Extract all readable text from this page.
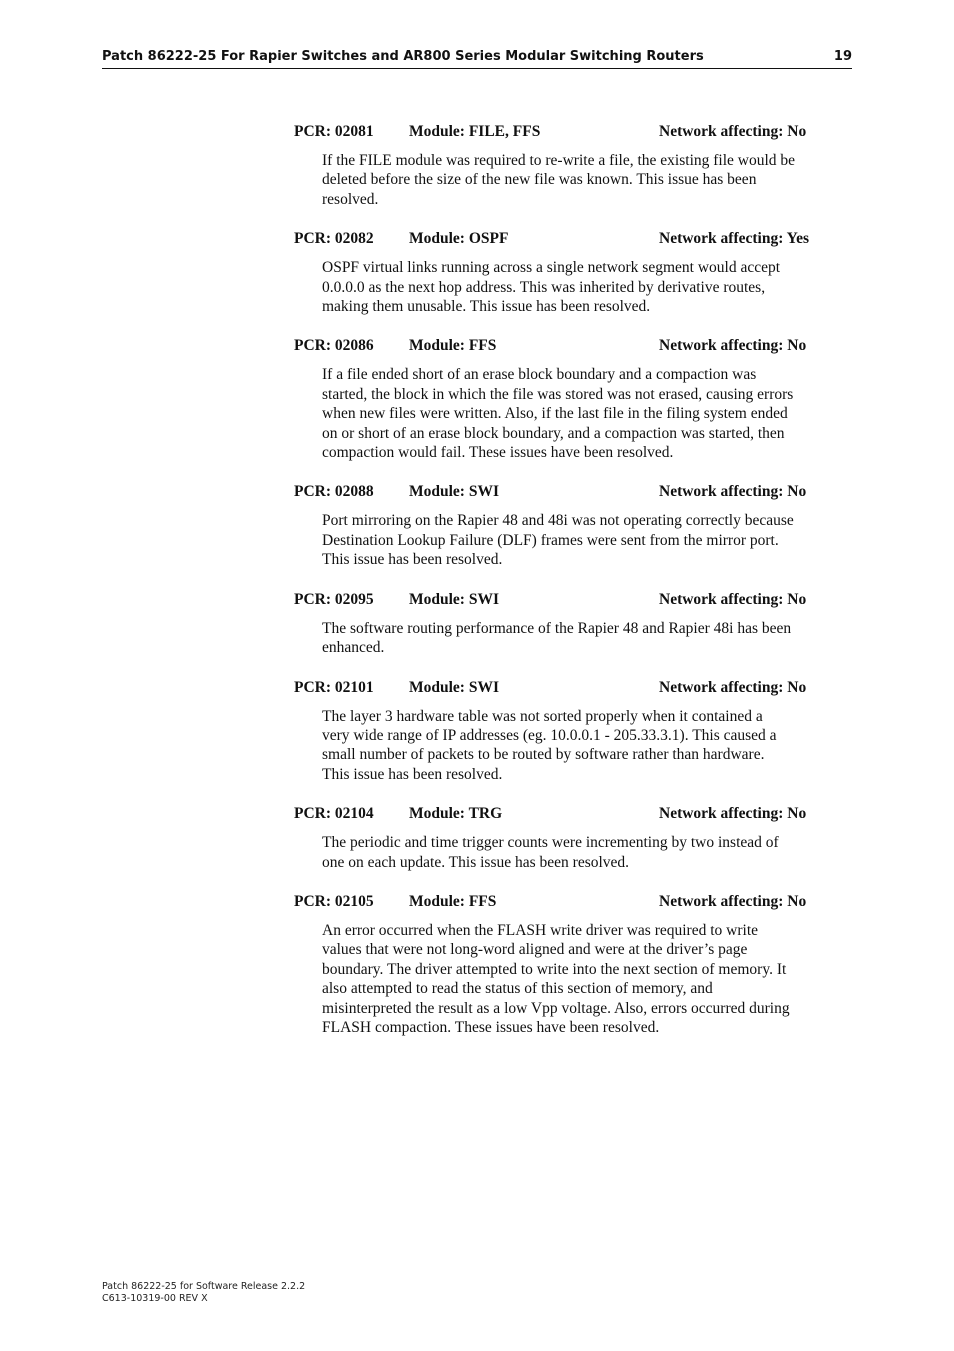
Patch 86222-25 For Rapier Switches and AR800 Series Modular Switching Routers	19
PCR: 02081 Module: FILE, FFS	Network affecting: No
If the FILE module was required to re-write a file, the existing file would be
deleted before the size of the new file was known. This issue has been
resolved.
PCR: 02082 Module: OSPF	Network affecting: Yes
OSPF virtual links running across a single network segment would accept
0.0.0.0 as the next hop address. This was inherited by derivative routes,
making them unusable. This issue has been resolved.
PCR: 02086 Module: FFS	Network affecting: No
If a file ended short of an erase block boundary and a compaction was
started, the block in which the file was stored was not erased, causing errors
when new files were written. Also, if the last file in the filing system ended
on or short of an erase block boundary, and a compaction was started, then
compaction would fail. These issues have been resolved.
PCR: 02088 Module: SWI	Network affecting: No
Port mirroring on the Rapier 48 and 48i was not operating correctly because
Destination Lookup Failure (DLF) frames were sent from the mirror port.
This issue has been resolved.
PCR: 02095 Module: SWI	Network affecting: No
The software routing performance of the Rapier 48 and Rapier 48i has been
enhanced.
PCR: 02101 Module: SWI	Network affecting: No
The layer 3 hardware table was not sorted properly when it contained a
very wide range of IP addresses (eg. 10.0.0.1 - 205.33.3.1). This caused a
small number of packets to be routed by software rather than hardware.
This issue has been resolved.
PCR: 02104 Module: TRG	Network affecting: No
The periodic and time trigger counts were incrementing by two instead of
one on each update. This issue has been resolved.
PCR: 02105 Module: FFS	Network affecting: No
An error occurred when the FLASH write driver was required to write
values that were not long-word aligned and were at the driver’s page
boundary. The driver attempted to write into the next section of memory. It
also attempted to read the status of this section of memory, and
misinterpreted the result as a low Vpp voltage. Also, errors occurred during
FLASH compaction. These issues have been resolved.
Patch 86222-25 for Software Release 2.2.2
C613-10319-00 REV X
